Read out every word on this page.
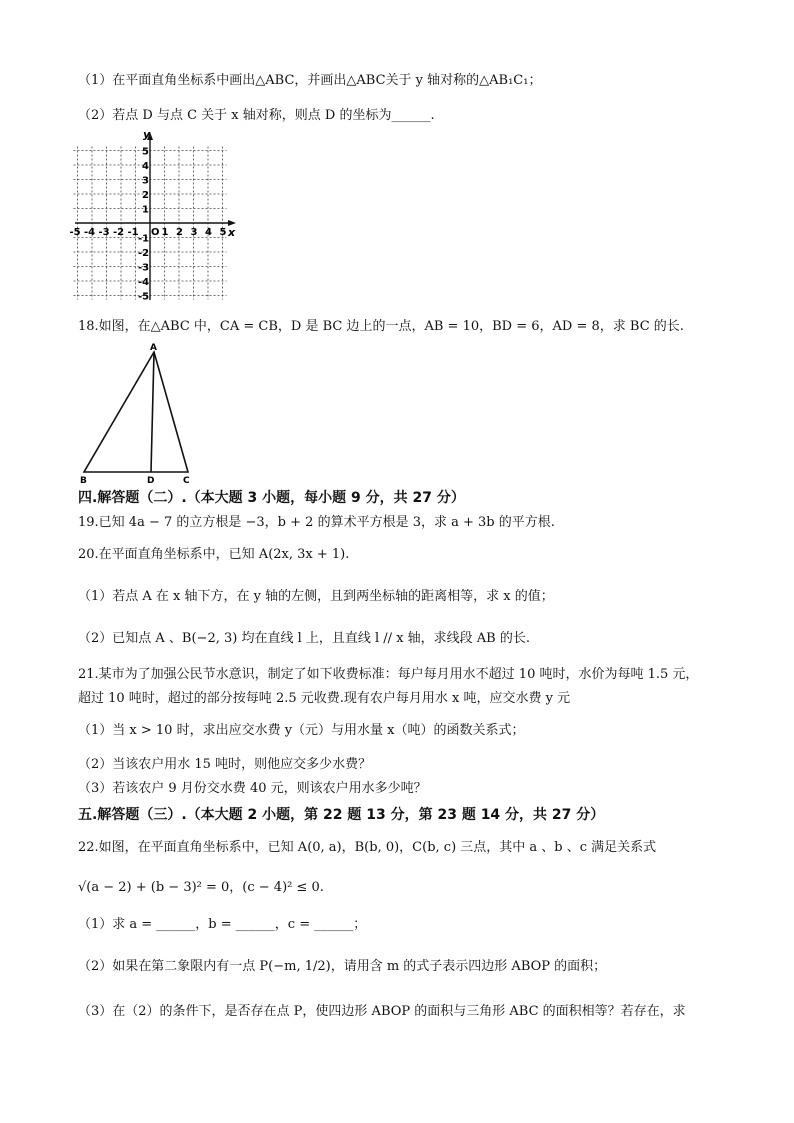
（1）在平面直角坐标系中画出△ABC，并画出△ABC关于 y 轴对称的△AB₁C₁；
（2）若点 D 与点 C 关于 x 轴对称，则点 D 的坐标为______.
x
y
O
-5 -4 -3 -2 -1 1 2 3 4 5
5
4
3
2
1
-1
-2
-3
-4
-5
18.如图，在△ABC 中，CA = CB，D 是 BC 边上的一点，AB = 10，BD = 6，AD = 8，求 BC 的长.
A
B	D	C
四.解答题（二）.（本大题 3 小题，每小题 9 分，共 27 分）
19.已知 4a − 7 的立方根是 −3，b + 2 的算术平方根是 3，求 a + 3b 的平方根.
20.在平面直角坐标系中，已知 A(2x, 3x + 1).
（1）若点 A 在 x 轴下方，在 y 轴的左侧，且到两坐标轴的距离相等，求 x 的值；
（2）已知点 A 、B(−2, 3) 均在直线 l 上，且直线 l // x 轴，求线段 AB 的长.
21.某市为了加强公民节水意识，制定了如下收费标准：每户每月用水不超过 10 吨时，水价为每吨 1.5 元，
超过 10 吨时，超过的部分按每吨 2.5 元收费.现有农户每月用水 x 吨，应交水费 y 元
（1）当 x > 10 时，求出应交水费 y（元）与用水量 x（吨）的函数关系式；
（2）当该农户用水 15 吨时，则他应交多少水费？
（3）若该农户 9 月份交水费 40 元，则该农户用水多少吨？
五.解答题（三）.（本大题 2 小题，第 22 题 13 分，第 23 题 14 分，共 27 分）
22.如图，在平面直角坐标系中，已知 A(0, a)，B(b, 0)，C(b, c) 三点，其中 a 、b 、c 满足关系式
√(a − 2) + (b − 3)² = 0，(c − 4)² ≤ 0.
（1）求 a = ______，b = ______，c = ______；
（2）如果在第二象限内有一点 P(−m, 1/2)，请用含 m 的式子表示四边形 ABOP 的面积；
（3）在（2）的条件下，是否存在点 P，使四边形 ABOP 的面积与三角形 ABC 的面积相等？若存在，求
